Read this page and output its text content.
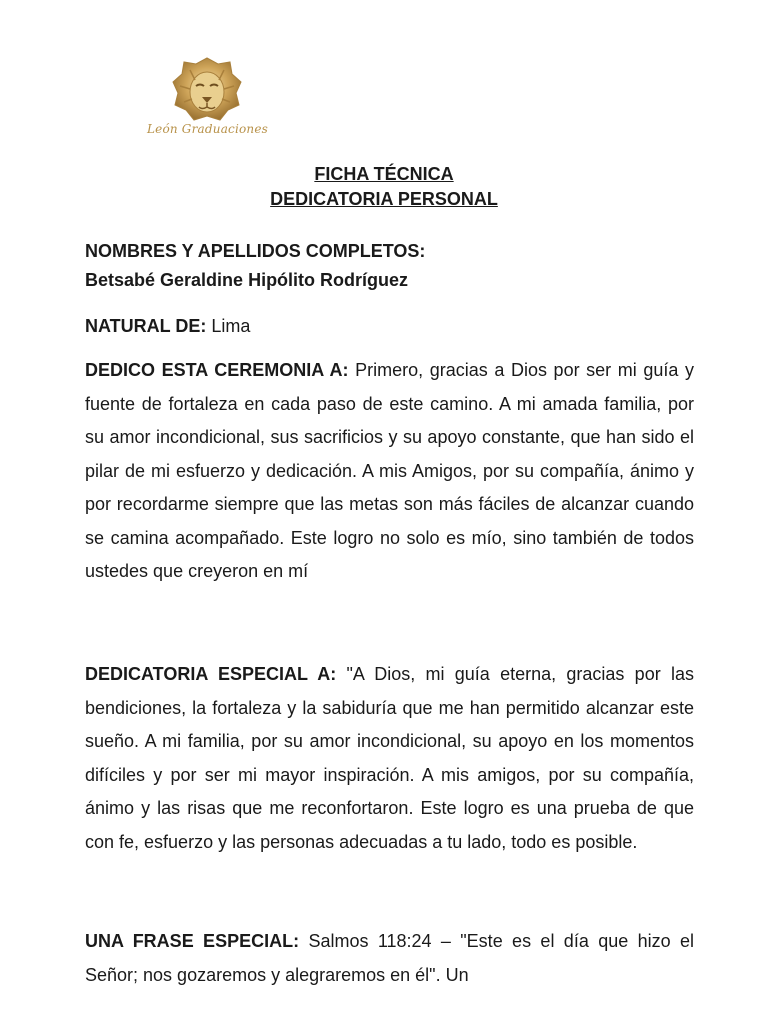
León Graduaciones
FICHA TÉCNICA
DEDICATORIA PERSONAL
NOMBRES Y APELLIDOS COMPLETOS:
Betsabé Geraldine Hipólito Rodríguez
NATURAL DE: Lima
DEDICO ESTA CEREMONIA A: Primero, gracias a Dios por ser mi guía y fuente de fortaleza en cada paso de este camino. A mi amada familia, por su amor incondicional, sus sacrificios y su apoyo constante, que han sido el pilar de mi esfuerzo y dedicación. A mis Amigos, por su compañía, ánimo y por recordarme siempre que las metas son más fáciles de alcanzar cuando se camina acompañado. Este logro no solo es mío, sino también de todos ustedes que creyeron en mí
DEDICATORIA ESPECIAL A: "A Dios, mi guía eterna, gracias por las bendiciones, la fortaleza y la sabiduría que me han permitido alcanzar este sueño. A mi familia, por su amor incondicional, su apoyo en los momentos difíciles y por ser mi mayor inspiración. A mis amigos, por su compañía, ánimo y las risas que me reconfortaron. Este logro es una prueba de que con fe, esfuerzo y las personas adecuadas a tu lado, todo es posible.
UNA FRASE ESPECIAL: Salmos 118:24 – "Este es el día que hizo el Señor; nos gozaremos y alegraremos en él". Un
